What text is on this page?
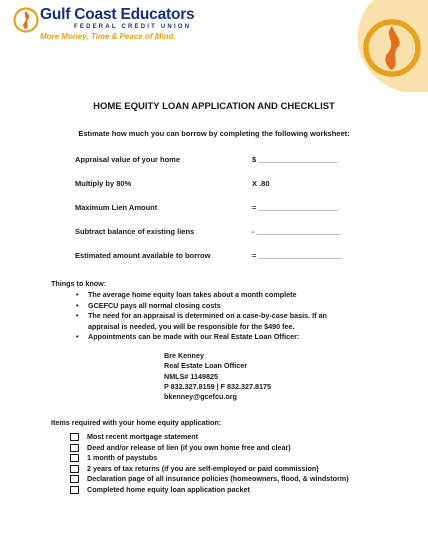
Gulf Coast Educators
FEDERAL CREDIT UNION
More Money, Time & Peace of Mind.
HOME EQUITY LOAN APPLICATION AND CHECKLIST
Estimate how much you can borrow by completing the following worksheet:
Appraisal value of your home	$ ___________________
Multiply by 80%	X .80
Maximum Lien Amount	= ___________________
Subtract balance of existing liens	- ____________________
Estimated amount available to borrow	= ____________________
Things to know:
• The average home equity loan takes about a month complete
• GCEFCU pays all normal closing costs
• The need for an appraisal is determined on a case-by-case basis. If an
appraisal is needed, you will be responsible for the $490 fee.
• Appointments can be made with our Real Estate Loan Officer:
Bre Kenney
Real Estate Loan Officer
NMLS# 1149825
P 832.327.8159 | F 832.327.8175
bkenney@gcefcu.org
Items required with your home equity application:
Most recent mortgage statement
Deed and/or release of lien (if you own home free and clear)
1 month of paystubs
2 years of tax returns (if you are self-employed or paid commission)
Declaration page of all insurance policies (homeowners, flood, & windstorm)
Completed home equity loan application packet
